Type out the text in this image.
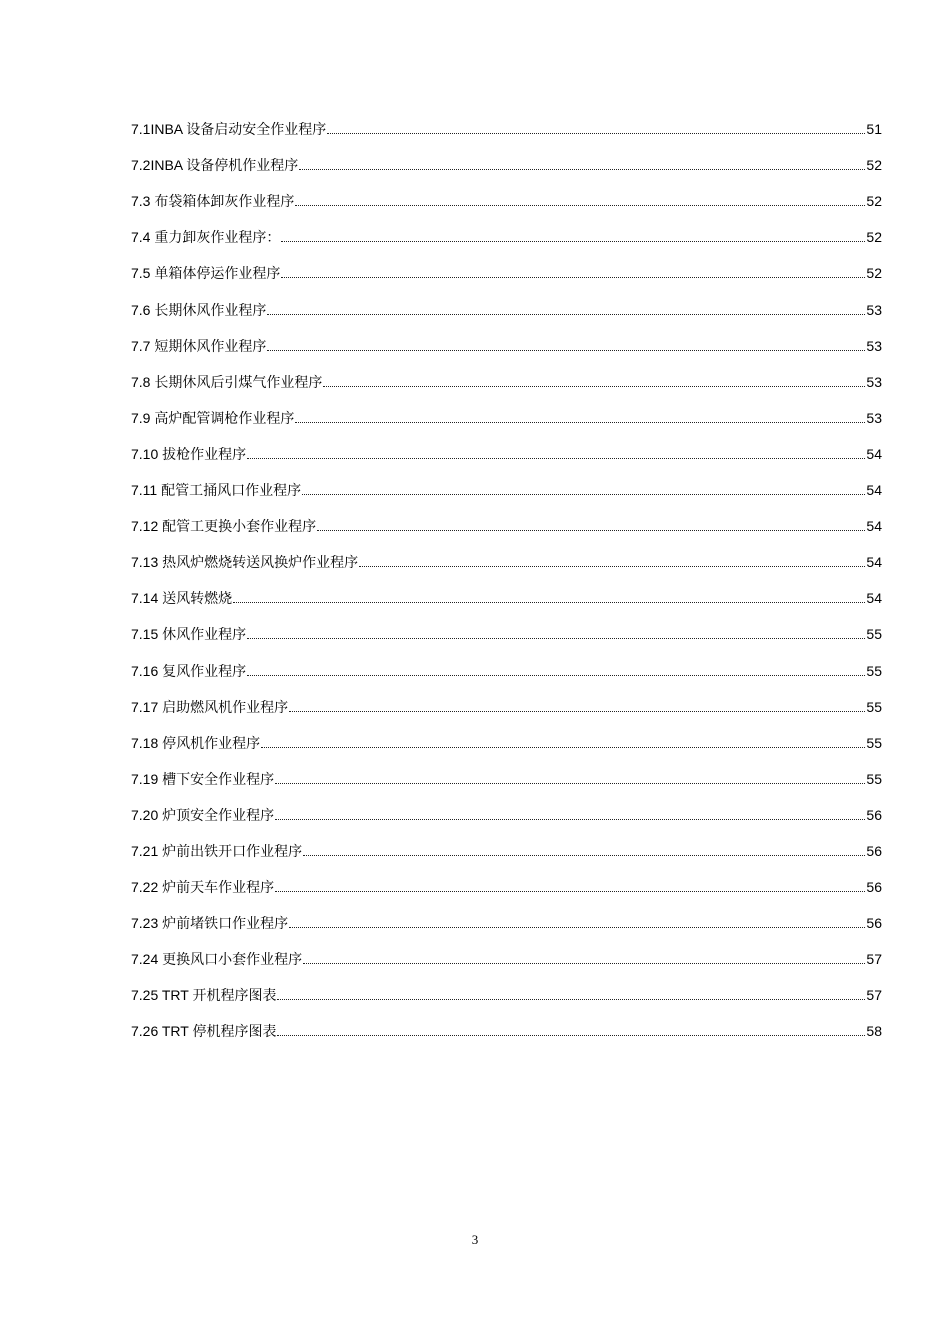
7.1INBA 设备启动安全作业程序	51
7.2INBA 设备停机作业程序	52
7.3 布袋箱体卸灰作业程序	52
7.4 重力卸灰作业程序：	52
7.5 单箱体停运作业程序	52
7.6 长期休风作业程序	53
7.7 短期休风作业程序	53
7.8 长期休风后引煤气作业程序	53
7.9 高炉配管调枪作业程序	53
7.10 拔枪作业程序	54
7.11 配管工捅风口作业程序	54
7.12 配管工更换小套作业程序	54
7.13 热风炉燃烧转送风换炉作业程序	54
7.14 送风转燃烧	54
7.15 休风作业程序	55
7.16 复风作业程序	55
7.17 启助燃风机作业程序	55
7.18 停风机作业程序	55
7.19 槽下安全作业程序	55
7.20 炉顶安全作业程序	56
7.21 炉前出铁开口作业程序	56
7.22 炉前天车作业程序	56
7.23 炉前堵铁口作业程序	56
7.24 更换风口小套作业程序	57
7.25 TRT 开机程序图表	57
7.26 TRT 停机程序图表	58
3
